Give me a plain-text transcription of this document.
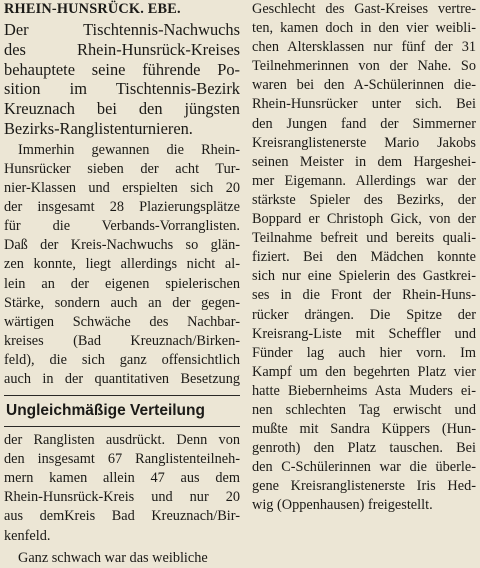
RHEIN-HUNSRÜCK. EBE.
Der Tischtennis-Nachwuchs
des Rhein-Hunsrück-Kreises
behauptete seine führende Po-
sition im Tischtennis-Bezirk
Kreuznach bei den jüngsten
Bezirks-Ranglistenturnieren.
Immerhin gewannen die Rhein-
Hunsrücker sieben der acht Tur-
nier-Klassen und erspielten sich 20
der insgesamt 28 Plazierungsplätze
für die Verbands-Vorranglisten.
Daß der Kreis-Nachwuchs so glän-
zen konnte, liegt allerdings nicht al-
lein an der eigenen spielerischen
Stärke, sondern auch an der gegen-
wärtigen Schwäche des Nachbar-
kreises (Bad Kreuznach/Birken-
feld), die sich ganz offensichtlich
auch in der quantitativen Besetzung
Ungleichmäßige Verteilung
der Ranglisten ausdrückt. Denn von
den insgesamt 67 Ranglistenteilneh-
mern kamen allein 47 aus dem
Rhein-Hunsrück-Kreis und nur 20
aus demKreis Bad Kreuznach/Bir-
kenfeld.
Ganz schwach war das weibliche
Geschlecht des Gast-Kreises vertre-
ten, kamen doch in den vier weibli-
chen Altersklassen nur fünf der 31
Teilnehmerinnen von der Nahe. So
waren bei den A-Schülerinnen die-
Rhein-Hunsrücker unter sich. Bei
den Jungen fand der Simmerner
Kreisranglistenerste Mario Jakobs
seinen Meister in dem Hargeshei-
mer Eigemann. Allerdings war der
stärkste Spieler des Bezirks, der
Boppard er Christoph Gick, von der
Teilnahme befreit und bereits quali-
fiziert. Bei den Mädchen konnte
sich nur eine Spielerin des Gastkrei-
ses in die Front der Rhein-Huns-
rücker drängen. Die Spitze der
Kreisrang-Liste mit Scheffler und
Fünder lag auch hier vorn. Im
Kampf um den begehrten Platz vier
hatte Biebernheims Asta Muders ei-
nen schlechten Tag erwischt und
mußte mit Sandra Küppers (Hun-
genroth) den Platz tauschen. Bei
den C-Schülerinnen war die überle-
gene Kreisranglistenerste Iris Hed-
wig (Oppenhausen) freigestellt.
